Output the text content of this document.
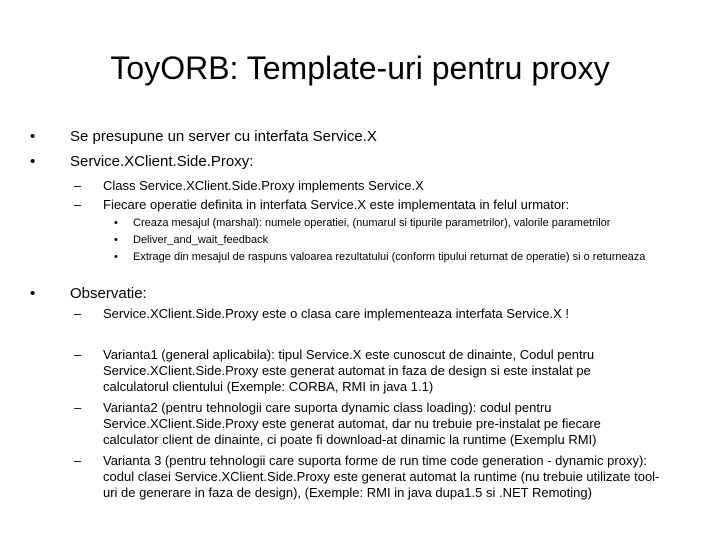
ToyORB: Template-uri pentru proxy
• Se presupune un server cu interfata Service.X
• Service.XClient.Side.Proxy:
– Class Service.XClient.Side.Proxy implements Service.X
– Fiecare operatie definita in interfata Service.X este implementata in felul urmator:
• Creaza mesajul (marshal): numele operatiei, (numarul si tipurile parametrilor), valorile parametrilor
• Deliver_and_wait_feedback
• Extrage din mesajul de raspuns valoarea rezultatului (conform tipului returnat de operatie) si o returneaza
• Observatie:
– Service.XClient.Side.Proxy este o clasa care implementeaza interfata Service.X !
– Varianta1 (general aplicabila): tipul Service.X este cunoscut de dinainte, Codul pentru Service.XClient.Side.Proxy este generat automat in faza de design si este instalat pe calculatorul clientului (Exemple: CORBA, RMI in java 1.1)
– Varianta2 (pentru tehnologii care suporta dynamic class loading): codul pentru Service.XClient.Side.Proxy este generat automat, dar nu trebuie pre-instalat pe fiecare calculator client de dinainte, ci poate fi download-at dinamic la runtime (Exemplu RMI)
– Varianta 3 (pentru tehnologii care suporta forme de run time code generation - dynamic proxy): codul clasei Service.XClient.Side.Proxy este generat automat la runtime (nu trebuie utilizate tool-uri de generare in faza de design), (Exemple: RMI in java dupa1.5 si .NET Remoting)
